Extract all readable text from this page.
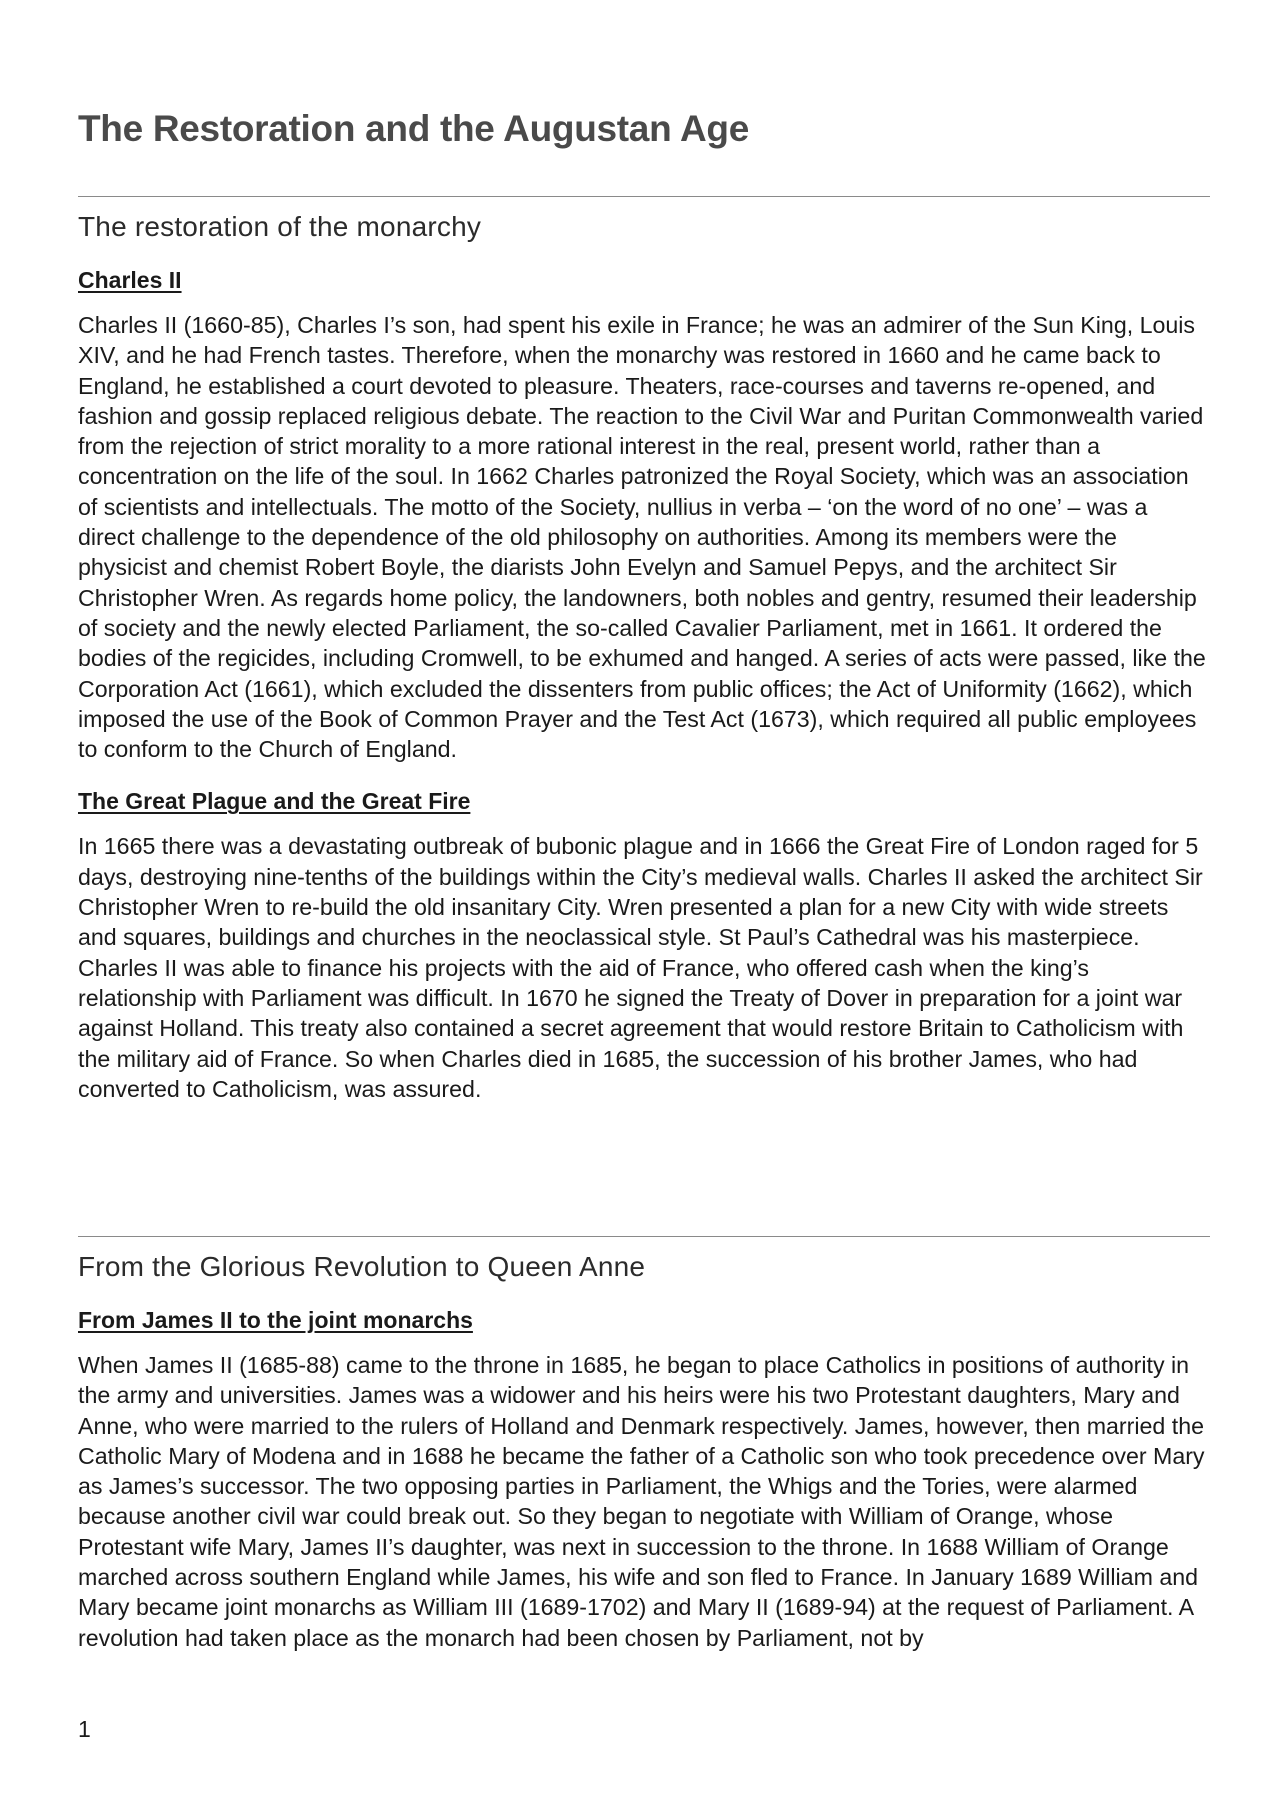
The Restoration and the Augustan Age
The restoration of the monarchy
Charles II

Charles II (1660-85), Charles I’s son, had spent his exile in France; he was an admirer of the Sun King, Louis XIV, and he had French tastes. Therefore, when the monarchy was restored in 1660 and he came back to England, he established a court devoted to pleasure. Theaters, race-courses and taverns re-opened, and fashion and gossip replaced religious debate. The reaction to the Civil War and Puritan Commonwealth varied from the rejection of strict morality to a more rational interest in the real, present world, rather than a concentration on the life of the soul. In 1662 Charles patronized the Royal Society, which was an association of scientists and intellectuals. The motto of the Society, nullius in verba – ‘on the word of no one’ – was a direct challenge to the dependence of the old philosophy on authorities. Among its members were the physicist and chemist Robert Boyle, the diarists John Evelyn and Samuel Pepys, and the architect Sir Christopher Wren. As regards home policy, the landowners, both nobles and gentry, resumed their leadership of society and the newly elected Parliament, the so-called Cavalier Parliament, met in 1661. It ordered the bodies of the regicides, including Cromwell, to be exhumed and hanged. A series of acts were passed, like the Corporation Act (1661), which excluded the dissenters from public offices; the Act of Uniformity (1662), which imposed the use of the Book of Common Prayer and the Test Act (1673), which required all public employees to conform to the Church of England.

The Great Plague and the Great Fire

In 1665 there was a devastating outbreak of bubonic plague and in 1666 the Great Fire of London raged for 5 days, destroying nine-tenths of the buildings within the City’s medieval walls. Charles II asked the architect Sir Christopher Wren to re-build the old insanitary City. Wren presented a plan for a new City with wide streets and squares, buildings and churches in the neoclassical style. St Paul’s Cathedral was his masterpiece. Charles II was able to finance his projects with the aid of France, who offered cash when the king’s relationship with Parliament was difficult. In 1670 he signed the Treaty of Dover in preparation for a joint war against Holland. This treaty also contained a secret agreement that would restore Britain to Catholicism with the military aid of France. So when Charles died in 1685, the succession of his brother James, who had converted to Catholicism, was assured.

From the Glorious Revolution to Queen Anne
From James II to the joint monarchs

When James II (1685-88) came to the throne in 1685, he began to place Catholics in positions of authority in the army and universities. James was a widower and his heirs were his two Protestant daughters, Mary and Anne, who were married to the rulers of Holland and Denmark respectively. James, however, then married the Catholic Mary of Modena and in 1688 he became the father of a Catholic son who took precedence over Mary as James’s successor. The two opposing parties in Parliament, the Whigs and the Tories, were alarmed because another civil war could break out. So they began to negotiate with William of Orange, whose Protestant wife Mary, James II’s daughter, was next in succession to the throne. In 1688 William of Orange marched across southern England while James, his wife and son fled to France. In January 1689 William and Mary became joint monarchs as William III (1689-1702) and Mary II (1689-94) at the request of Parliament. A revolution had taken place as the monarch had been chosen by Parliament, not by

1
